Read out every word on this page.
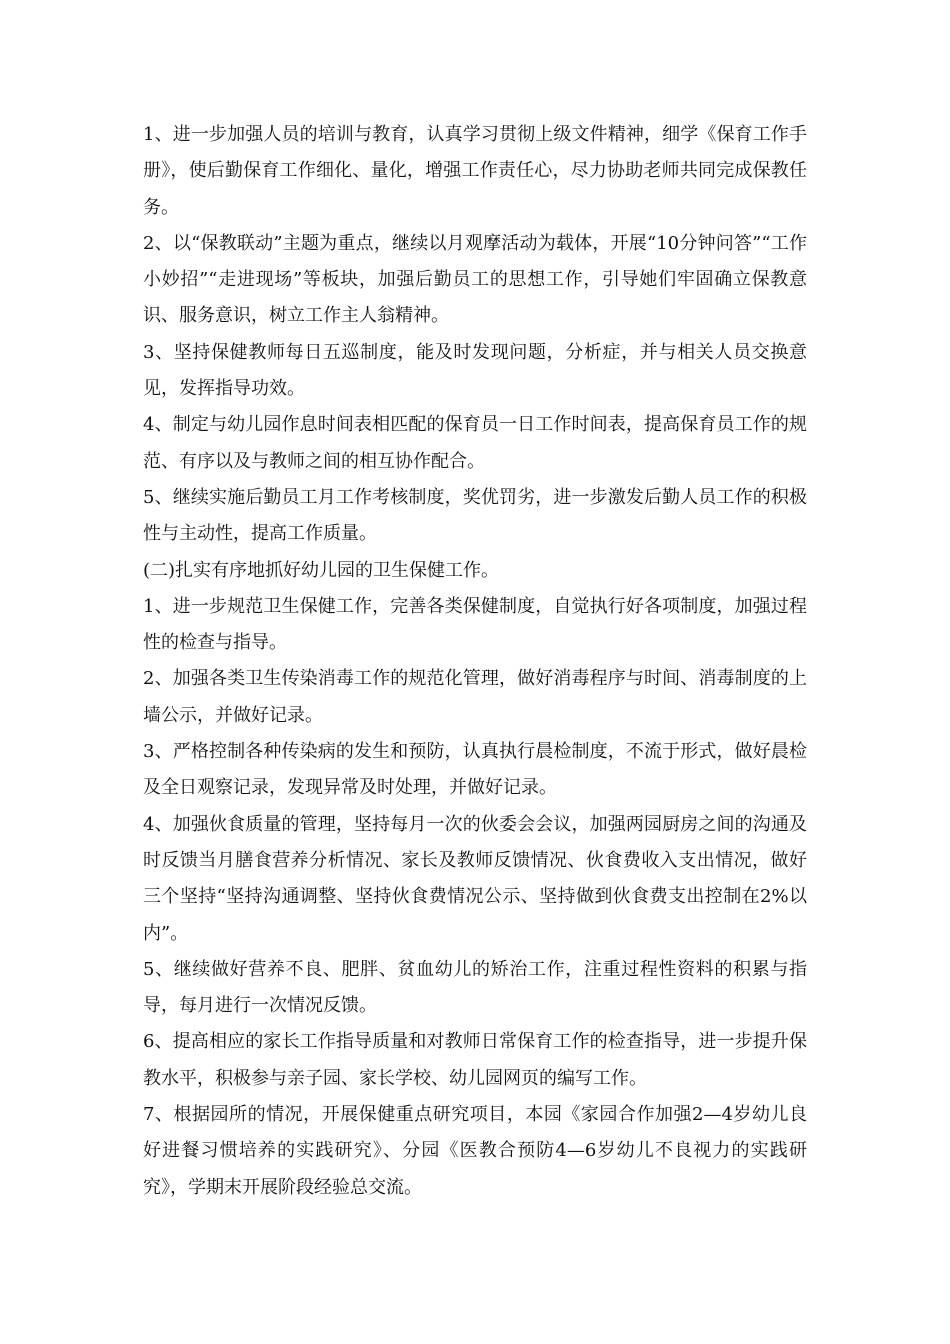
1、进一步加强人员的培训与教育，认真学习贯彻上级文件精神，细学《保育工作手册》，使后勤保育工作细化、量化，增强工作责任心，尽力协助老师共同完成保教任务。

2、以“保教联动”主题为重点，继续以月观摩活动为载体，开展“10分钟问答”“工作小妙招”“走进现场”等板块，加强后勤员工的思想工作，引导她们牢固确立保教意识、服务意识，树立工作主人翁精神。

3、坚持保健教师每日五巡制度，能及时发现问题，分析症，并与相关人员交换意见，发挥指导功效。

4、制定与幼儿园作息时间表相匹配的保育员一日工作时间表，提高保育员工作的规范、有序以及与教师之间的相互协作配合。

5、继续实施后勤员工月工作考核制度，奖优罚劣，进一步激发后勤人员工作的积极性与主动性，提高工作质量。

(二)扎实有序地抓好幼儿园的卫生保健工作。

1、进一步规范卫生保健工作，完善各类保健制度，自觉执行好各项制度，加强过程性的检查与指导。

2、加强各类卫生传染消毒工作的规范化管理，做好消毒程序与时间、消毒制度的上墙公示，并做好记录。

3、严格控制各种传染病的发生和预防，认真执行晨检制度，不流于形式，做好晨检及全日观察记录，发现异常及时处理，并做好记录。

4、加强伙食质量的管理，坚持每月一次的伙委会会议，加强两园厨房之间的沟通及时反馈当月膳食营养分析情况、家长及教师反馈情况、伙食费收入支出情况，做好三个坚持“坚持沟通调整、坚持伙食费情况公示、坚持做到伙食费支出控制在2%以内”。

5、继续做好营养不良、肥胖、贫血幼儿的矫治工作，注重过程性资料的积累与指导，每月进行一次情况反馈。

6、提高相应的家长工作指导质量和对教师日常保育工作的检查指导，进一步提升保教水平，积极参与亲子园、家长学校、幼儿园网页的编写工作。

7、根据园所的情况，开展保健重点研究项目，本园《家园合作加强2—4岁幼儿良好进餐习惯培养的实践研究》、分园《医教合预防4—6岁幼儿不良视力的实践研究》，学期末开展阶段经验总交流。
